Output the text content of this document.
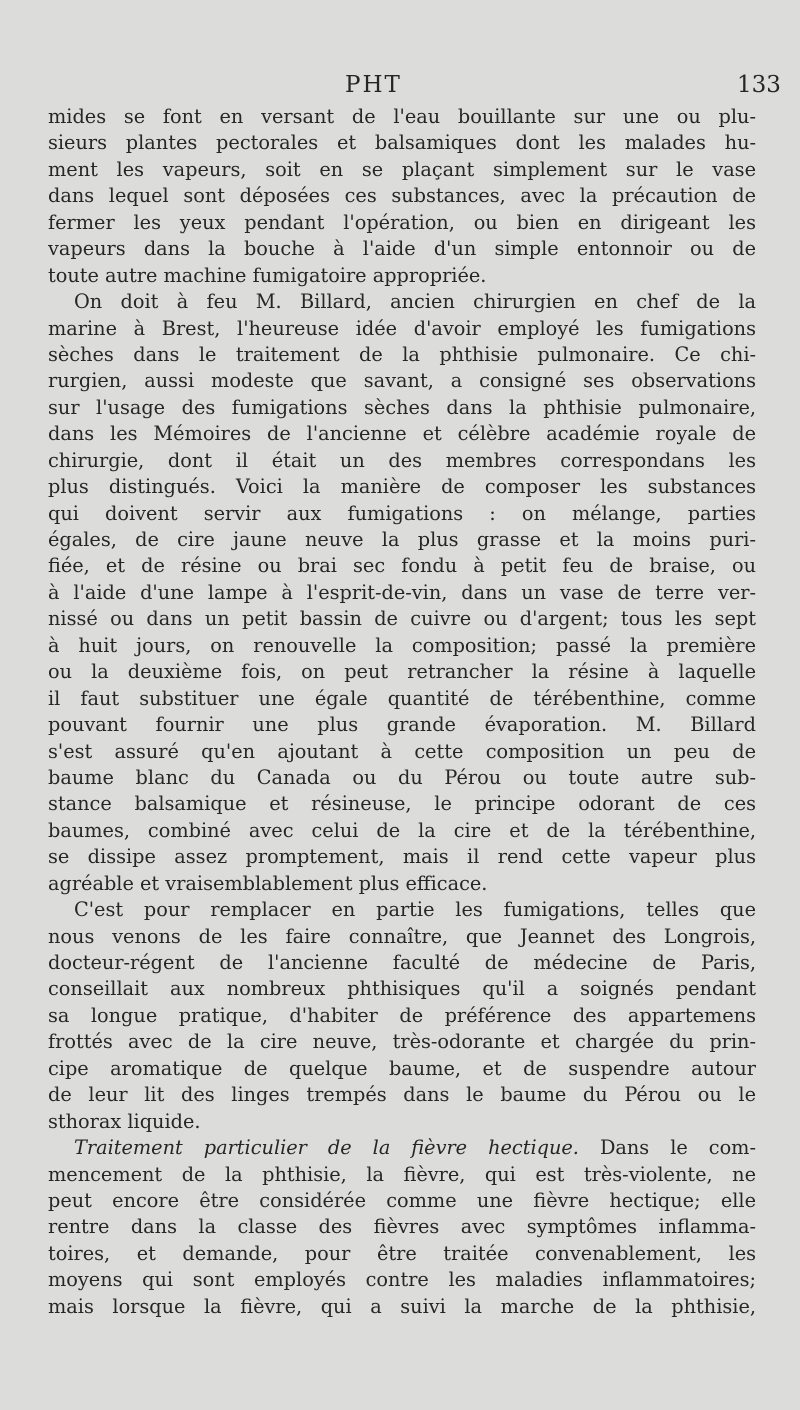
PHT	133
mides se font en versant de l'eau bouillante sur une ou plu-
sieurs plantes pectorales et balsamiques dont les malades hu-
ment les vapeurs, soit en se plaçant simplement sur le vase
dans lequel sont déposées ces substances, avec la précaution de
fermer les yeux pendant l'opération, ou bien en dirigeant les
vapeurs dans la bouche à l'aide d'un simple entonnoir ou de
toute autre machine fumigatoire appropriée.
On doit à feu M. Billard, ancien chirurgien en chef de la
marine à Brest, l'heureuse idée d'avoir employé les fumigations
sèches dans le traitement de la phthisie pulmonaire. Ce chi-
rurgien, aussi modeste que savant, a consigné ses observations
sur l'usage des fumigations sèches dans la phthisie pulmonaire,
dans les Mémoires de l'ancienne et célèbre académie royale de
chirurgie, dont il était un des membres correspondans les
plus distingués. Voici la manière de composer les substances
qui doivent servir aux fumigations : on mélange, parties
égales, de cire jaune neuve la plus grasse et la moins puri-
fiée, et de résine ou brai sec fondu à petit feu de braise, ou
à l'aide d'une lampe à l'esprit-de-vin, dans un vase de terre ver-
nissé ou dans un petit bassin de cuivre ou d'argent; tous les sept
à huit jours, on renouvelle la composition; passé la première
ou la deuxième fois, on peut retrancher la résine à laquelle
il faut substituer une égale quantité de térébenthine, comme
pouvant fournir une plus grande évaporation. M. Billard
s'est assuré qu'en ajoutant à cette composition un peu de
baume blanc du Canada ou du Pérou ou toute autre sub-
stance balsamique et résineuse, le principe odorant de ces
baumes, combiné avec celui de la cire et de la térébenthine,
se dissipe assez promptement, mais il rend cette vapeur plus
agréable et vraisemblablement plus efficace.
C'est pour remplacer en partie les fumigations, telles que
nous venons de les faire connaître, que Jeannet des Longrois,
docteur-régent de l'ancienne faculté de médecine de Paris,
conseillait aux nombreux phthisiques qu'il a soignés pendant
sa longue pratique, d'habiter de préférence des appartemens
frottés avec de la cire neuve, très-odorante et chargée du prin-
cipe aromatique de quelque baume, et de suspendre autour
de leur lit des linges trempés dans le baume du Pérou ou le
sthorax liquide.
Traitement particulier de la fièvre hectique. Dans le com-
mencement de la phthisie, la fièvre, qui est très-violente, ne
peut encore être considérée comme une fièvre hectique; elle
rentre dans la classe des fièvres avec symptômes inflamma-
toires, et demande, pour être traitée convenablement, les
moyens qui sont employés contre les maladies inflammatoires;
mais lorsque la fièvre, qui a suivi la marche de la phthisie,
